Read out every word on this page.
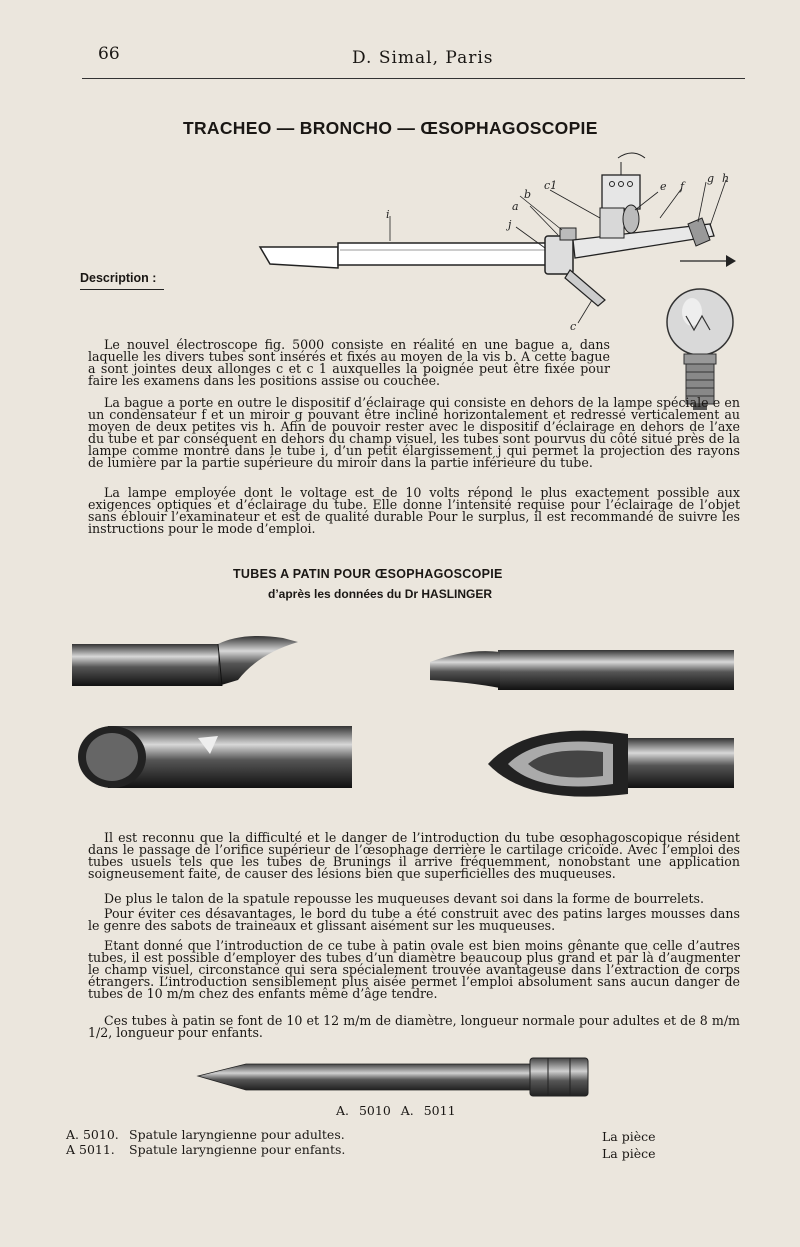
66	D. Simal, Paris
TRACHEO — BRONCHO — ŒSOPHAGOSCOPIE
i
b
c1
a
j
e f
g h
c
Description :
Le nouvel électroscope fig. 5000 consiste en réalité en une bague a, dans laquelle les divers tubes sont insérés et fixés au moyen de la vis b. A cette bague a sont jointes deux allonges c et c 1 auxquelles la poignée peut être fixée pour faire les examens dans les positions assise ou couchée.
La bague a porte en outre le dispositif d’éclairage qui consiste en dehors de la lampe spéciale e en un condensateur f et un miroir g pouvant être incliné horizontalement et redressé verticalement au moyen de deux petites vis h. Afin de pouvoir rester avec le dispositif d’éclairage en dehors de l’axe du tube et par conséquent en dehors du champ visuel, les tubes sont pourvus du côté situé près de la lampe comme montré dans le tube i, d’un petit élargissement j qui permet la projection des rayons de lumière par la partie supérieure du miroir dans la partie inférieure du tube.
La lampe employée dont le voltage est de 10 volts répond le plus exactement possible aux exigences optiques et d’éclairage du tube. Elle donne l’intensité requise pour l’éclairage de l’objet sans éblouir l’examinateur et est de qualité durable Pour le surplus, il est recommandé de suivre les instructions pour le mode d’emploi.
TUBES A PATIN POUR ŒSOPHAGOSCOPIE
d’après les données du Dr HASLINGER
Il est reconnu que la difficulté et le danger de l’introduction du tube œsophagoscopique résident dans le passage de l’orifice supérieur de l’œsophage derrière le cartilage cricoïde. Avec l’emploi des tubes usuels tels que les tubes de Brunings il arrive fréquemment, nonobstant une application soigneusement faite, de causer des lésions bien que superficielles des muqueuses.
De plus le talon de la spatule repousse les muqueuses devant soi dans la forme de bourrelets.
Pour éviter ces désavantages, le bord du tube a été construit avec des patins larges mousses dans le genre des sabots de traineaux et glissant aisément sur les muqueuses.
Etant donné que l’introduction de ce tube à patin ovale est bien moins gênante que celle d’autres tubes, il est possible d’employer des tubes d’un diamètre beaucoup plus grand et par là d’augmenter le champ visuel, circonstance qui sera spécialement trouvée avantageuse dans l’extraction de corps étrangers. L’introduction sensiblement plus aisée permet l’emploi absolument sans aucun danger de tubes de 10 m/m chez des enfants même d’âge tendre.
Ces tubes à patin se font de 10 et 12 m/m de diamètre, longueur normale pour adultes et de 8 m/m 1/2, longueur pour enfants.
A. 5010 A. 5011
A. 5010. Spatule laryngienne pour adultes.	La pièce
A 5011. Spatule laryngienne pour enfants.	La pièce
